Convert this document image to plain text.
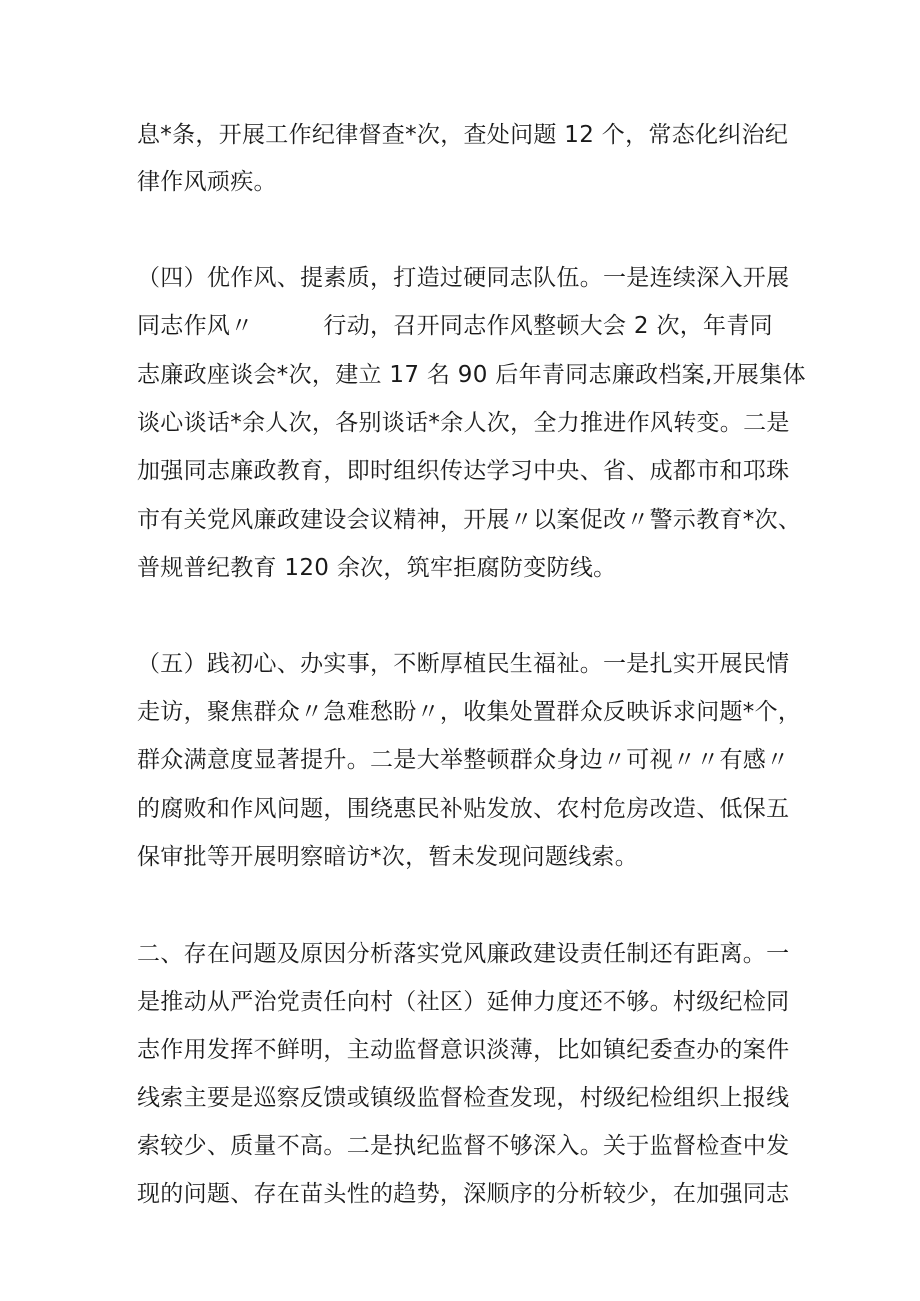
息*条，开展工作纪律督查*次，查处问题 12 个，常态化纠治纪
律作风顽疾。
（四）优作风、提素质，打造过硬同志队伍。一是连续深入开展
同志作风〃　　　行动，召开同志作风整顿大会 2 次，年青同
志廉政座谈会*次，建立 17 名 90 后年青同志廉政档案,开展集体
谈心谈话*余人次，各别谈话*余人次，全力推进作风转变。二是
加强同志廉政教育，即时组织传达学习中央、省、成都市和邛珠
市有关党风廉政建设会议精神，开展〃以案促改〃警示教育*次、
普规普纪教育 120 余次，筑牢拒腐防变防线。
（五）践初心、办实事，不断厚植民生福祉。一是扎实开展民情
走访，聚焦群众〃急难愁盼〃，收集处置群众反映诉求问题*个，
群众满意度显著提升。二是大举整顿群众身边〃可视〃〃有感〃
的腐败和作风问题，围绕惠民补贴发放、农村危房改造、低保五
保审批等开展明察暗访*次，暂未发现问题线索。
二、存在问题及原因分析落实党风廉政建设责任制还有距离。一
是推动从严治党责任向村（社区）延伸力度还不够。村级纪检同
志作用发挥不鲜明，主动监督意识淡薄，比如镇纪委查办的案件
线索主要是巡察反馈或镇级监督检查发现，村级纪检组织上报线
索较少、质量不高。二是执纪监督不够深入。关于监督检查中发
现的问题、存在苗头性的趋势，深顺序的分析较少，在加强同志
